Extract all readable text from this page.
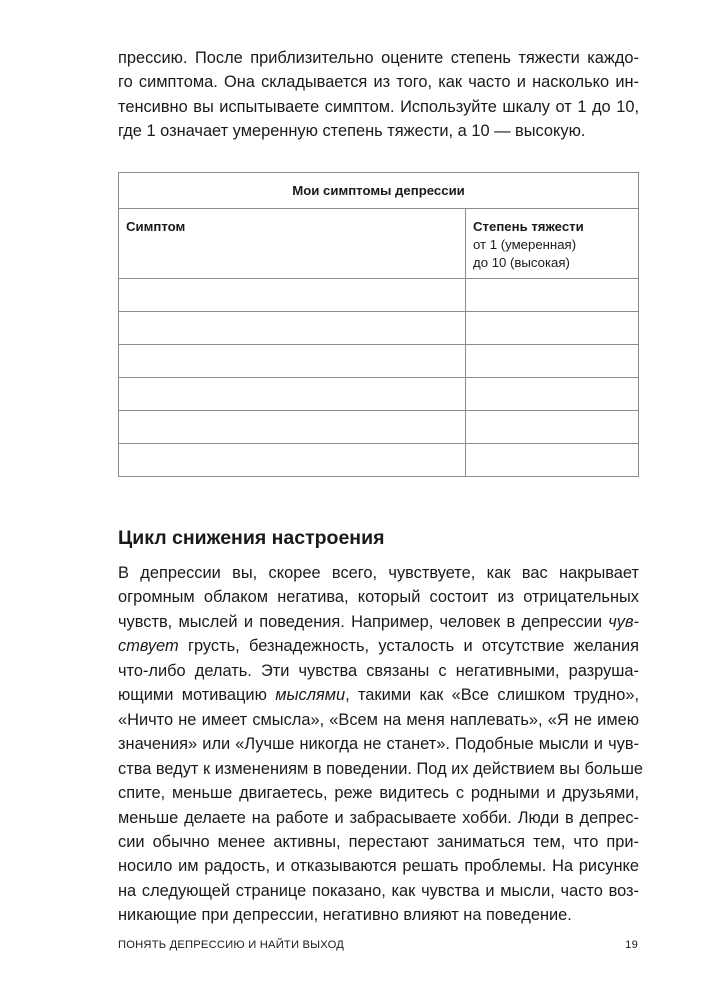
прессию. После приблизительно оцените степень тяжести каждо-
го симптома. Она складывается из того, как часто и насколько ин-
тенсивно вы испытываете симптом. Используйте шкалу от 1 до 10,
где 1 означает умеренную степень тяжести, а 10 — высокую.

Мои симптомы депрессии	

Симптом	Степень тяжести
от 1 (умеренная)
до 10 (высокая)

Цикл снижения настроения

В депрессии вы, скорее всего, чувствуете, как вас накрывает
огромным облаком негатива, который состоит из отрицательных
чувств, мыслей и поведения. Например, человек в депрессии чув-
ствует грусть, безнадежность, усталость и отсутствие желания
что-либо делать. Эти чувства связаны с негативными, разруша-
ющими мотивацию мыслями, такими как «Все слишком трудно»,
«Ничто не имеет смысла», «Всем на меня наплевать», «Я не имею
значения» или «Лучше никогда не станет». Подобные мысли и чув-
ства ведут к изменениям в поведении. Под их действием вы больше
спите, меньше двигаетесь, реже видитесь с родными и друзьями,
меньше делаете на работе и забрасываете хобби. Люди в депрес-
сии обычно менее активны, перестают заниматься тем, что при-
носило им радость, и отказываются решать проблемы. На рисунке
на следующей странице показано, как чувства и мысли, часто воз-
никающие при депрессии, негативно влияют на поведение.

ПОНЯТЬ ДЕПРЕССИЮ И НАЙТИ ВЫХОД	19
